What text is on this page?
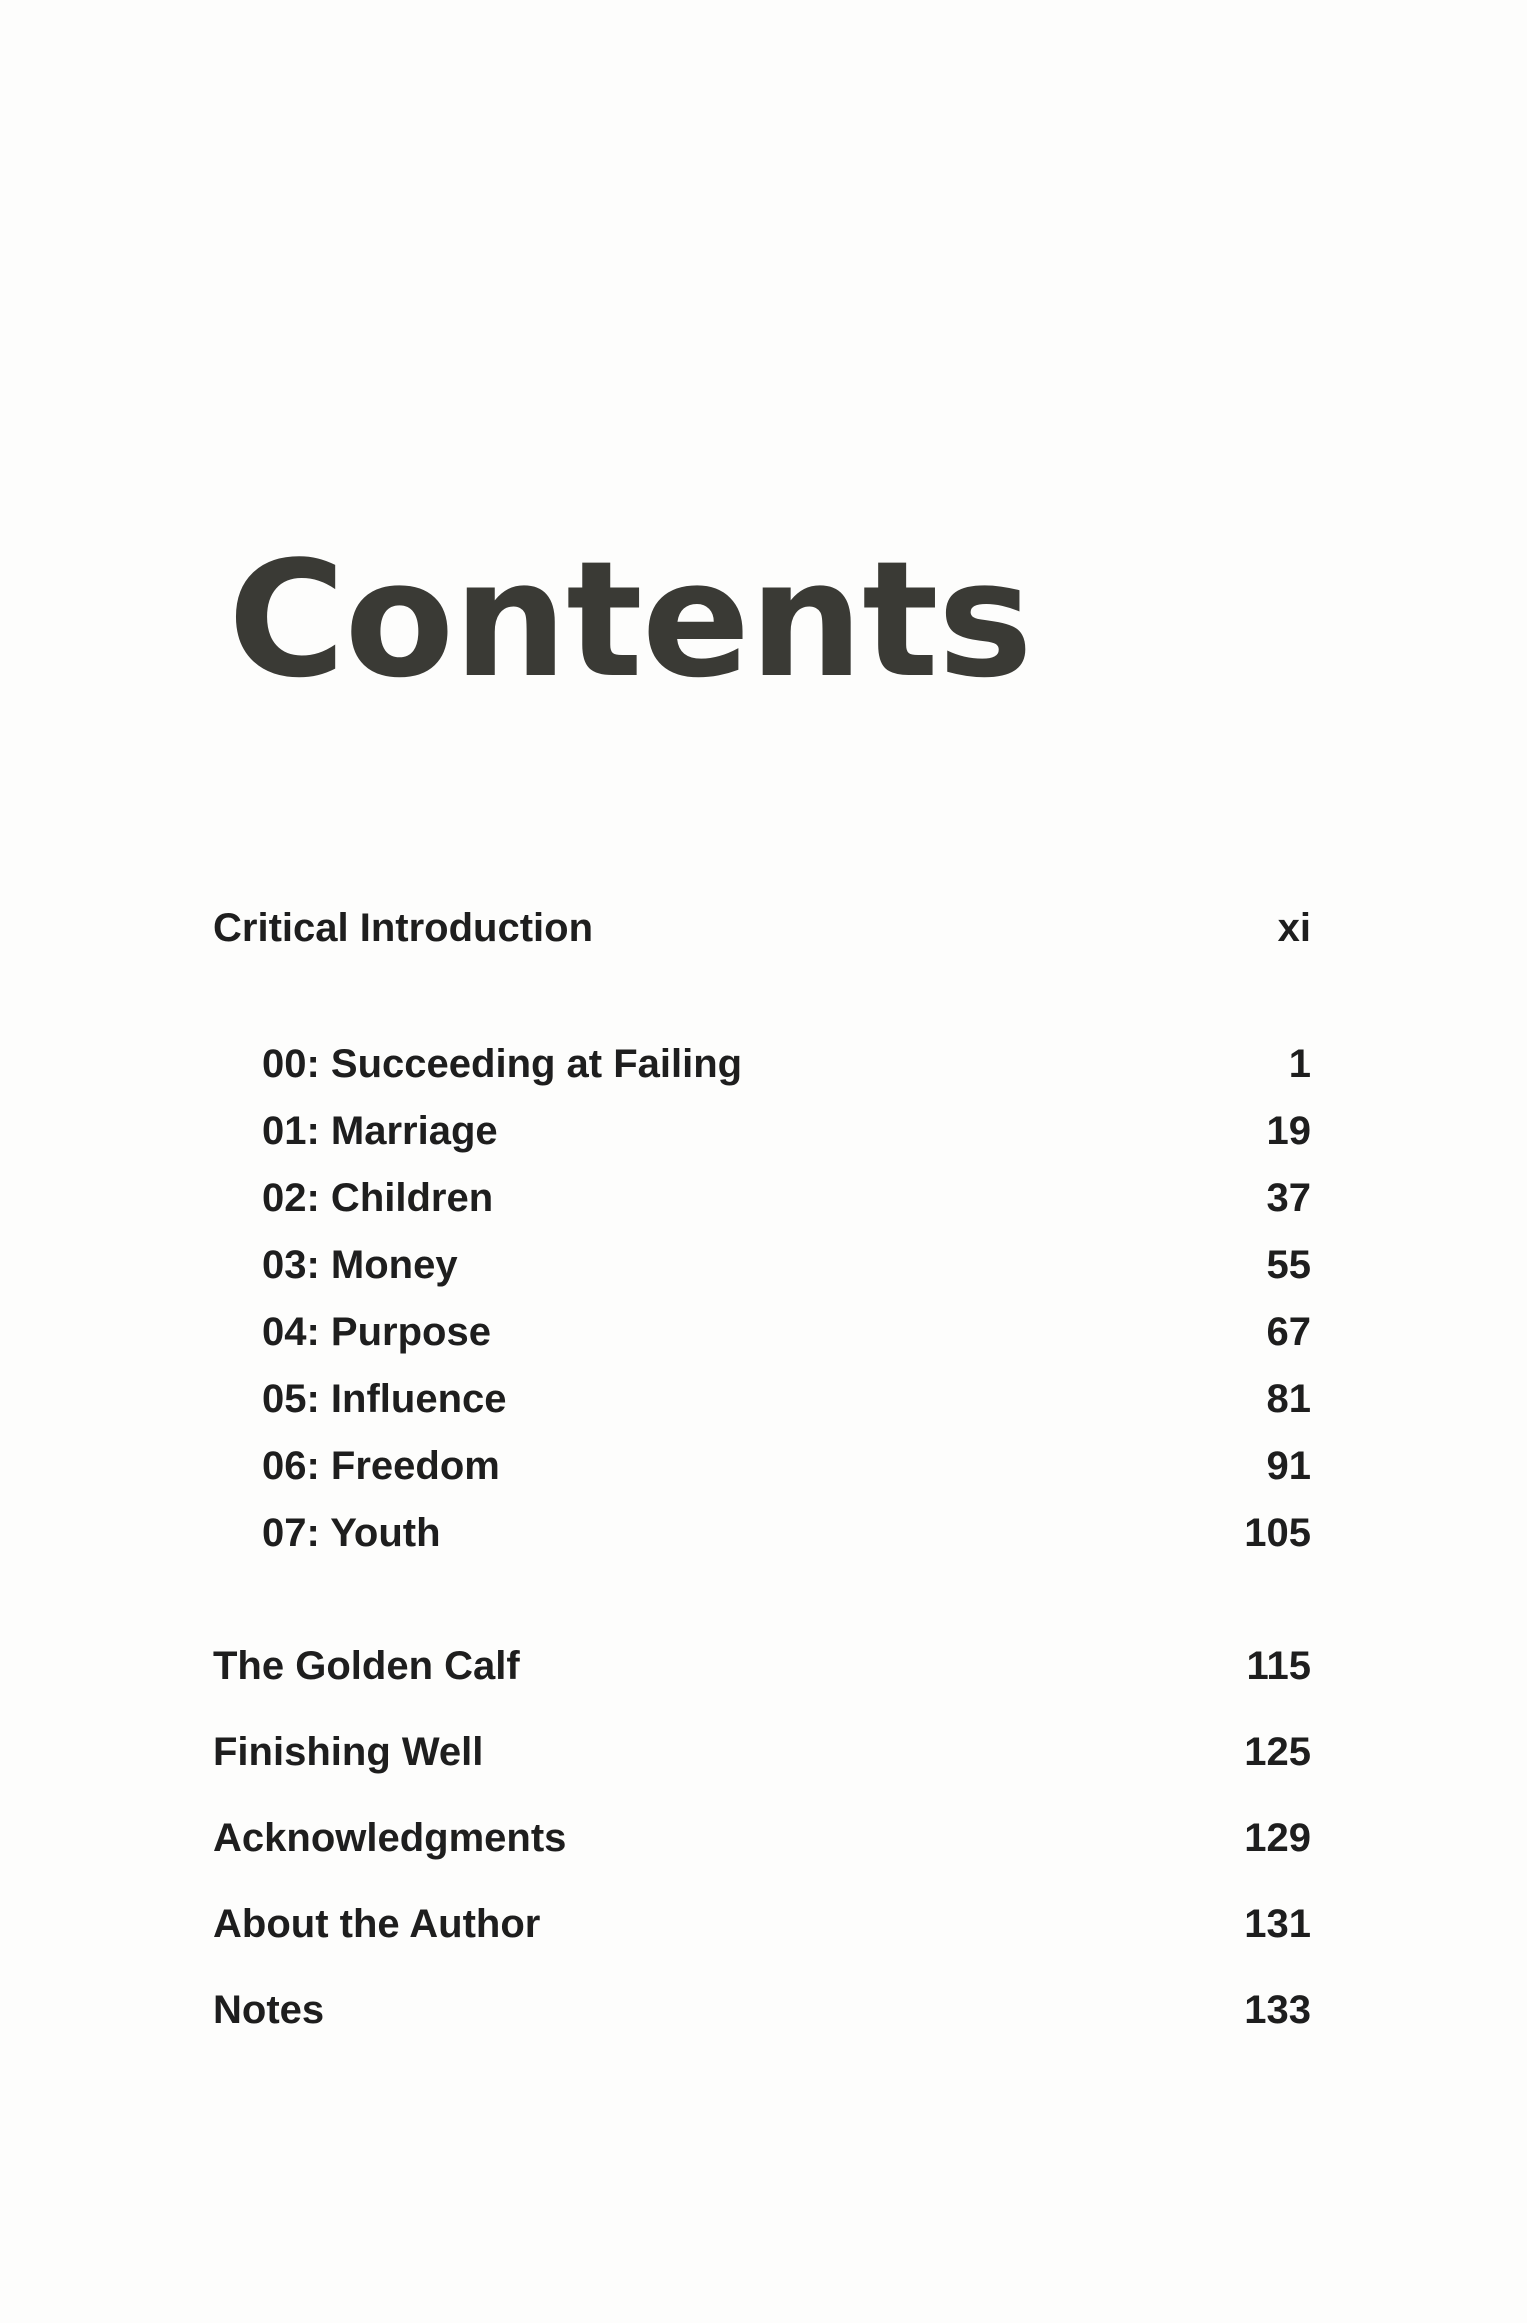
Contents
Critical Introduction	xi
00: Succeeding at Failing	1
01: Marriage	19
02: Children	37
03: Money	55
04: Purpose	67
05: Influence	81
06: Freedom	91
07: Youth	105
The Golden Calf	115
Finishing Well	125
Acknowledgments	129
About the Author	131
Notes	133
